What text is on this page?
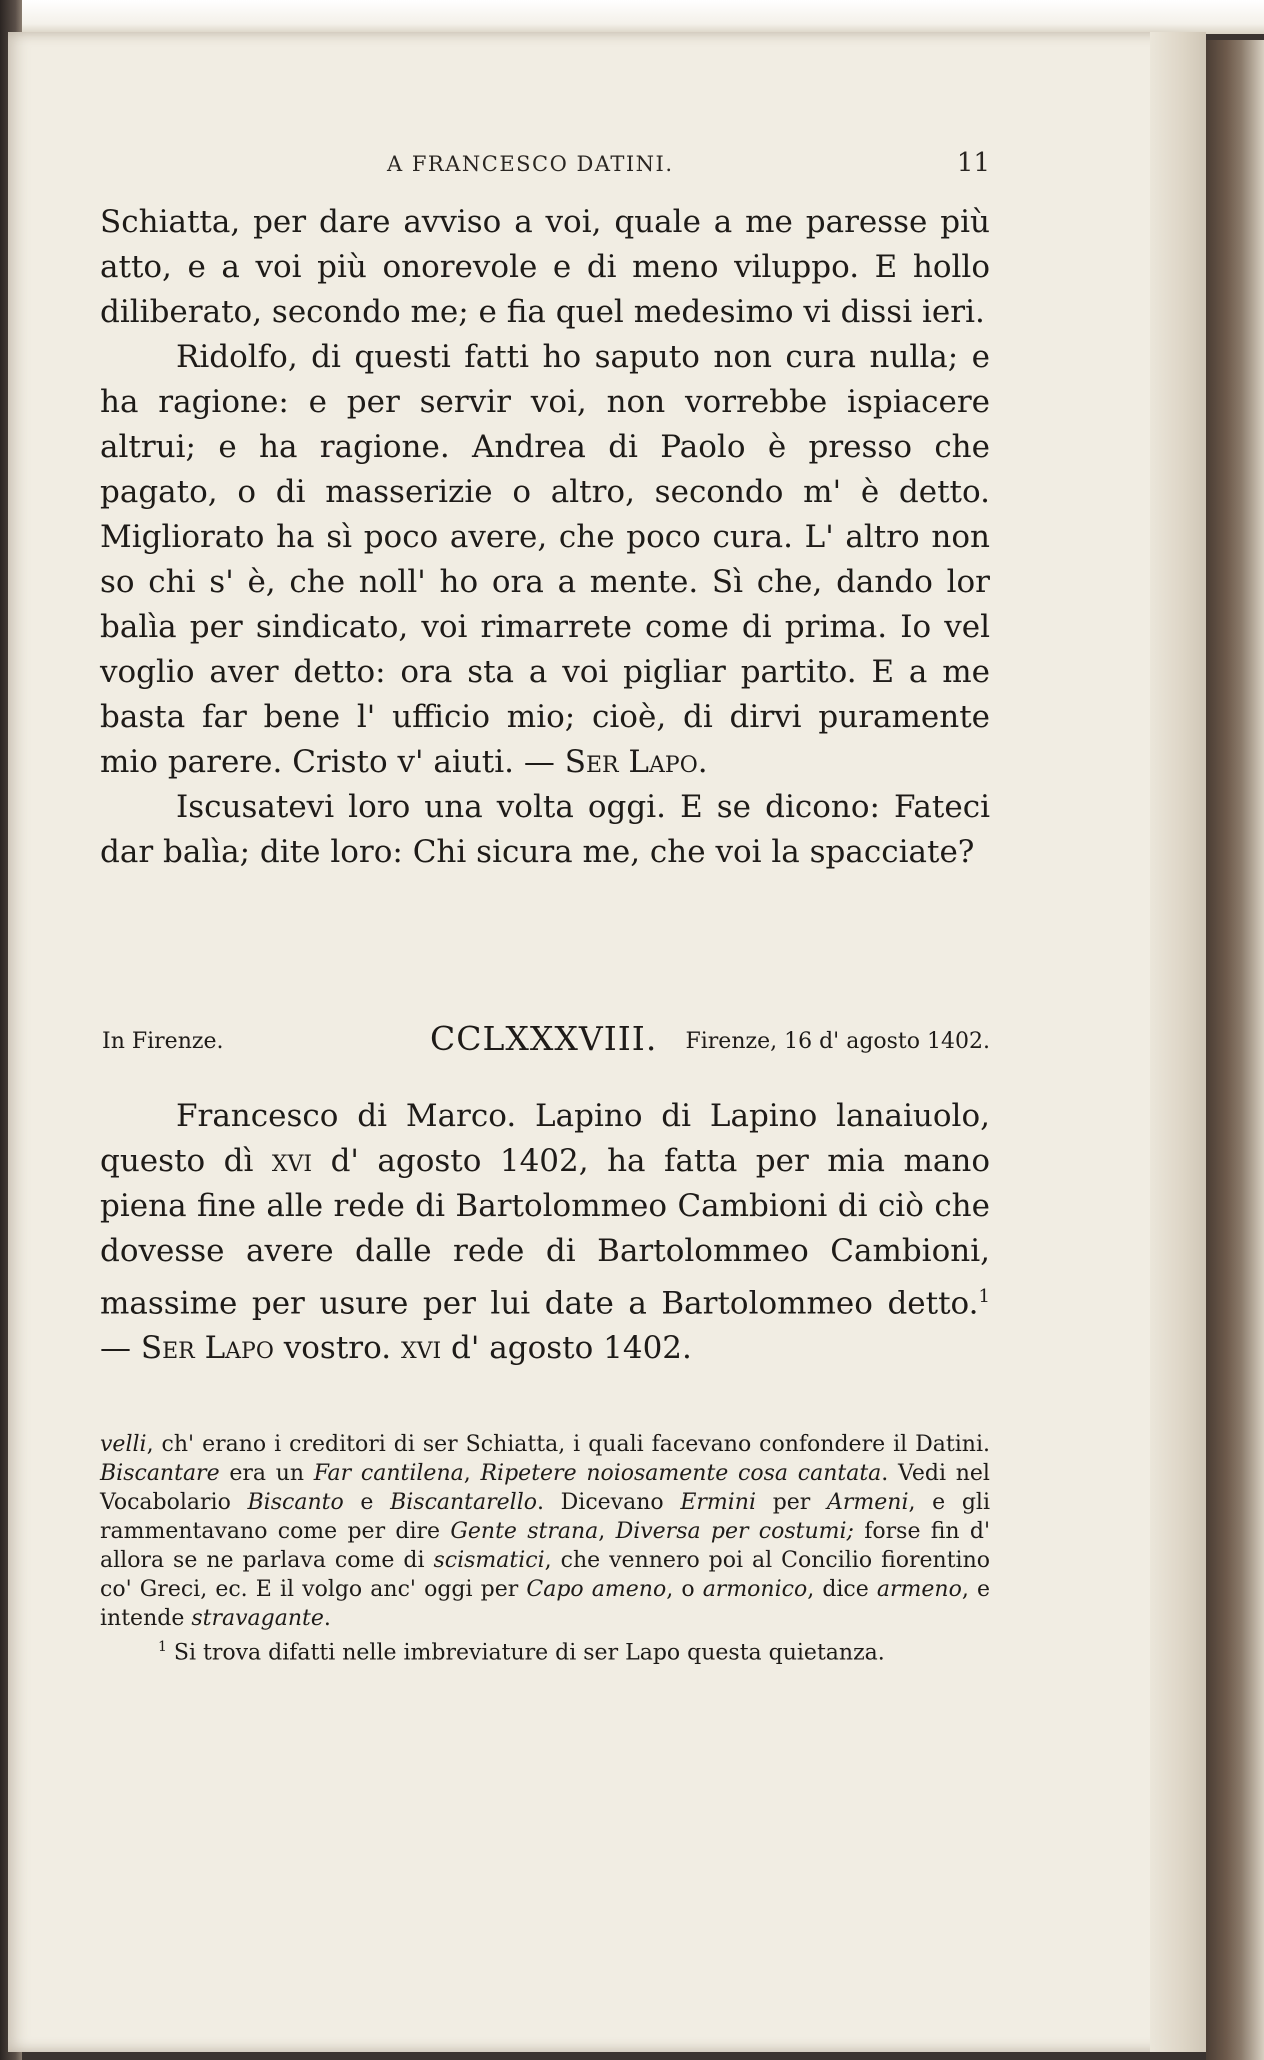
A FRANCESCO DATINI.	11

Schiatta, per dare avviso a voi, quale a me paresse più atto, e a voi più onorevole e di meno viluppo. E hollo diliberato, secondo me; e fia quel medesimo vi dissi ieri.

Ridolfo, di questi fatti ho saputo non cura nulla; e ha ragione: e per servir voi, non vorrebbe ispiacere altrui; e ha ragione. Andrea di Paolo è presso che pagato, o di masserizie o altro, secondo m' è detto. Migliorato ha sì poco avere, che poco cura. L' altro non so chi s' è, che noll' ho ora a mente. Sì che, dando lor balìa per sindicato, voi rimarrete come di prima. Io vel voglio aver detto: ora sta a voi pigliar partito. E a me basta far bene l' ufficio mio; cioè, di dirvi puramente mio parere. Cristo v' aiuti. — Ser Lapo.

Iscusatevi loro una volta oggi. E se dicono: Fateci dar balìa; dite loro: Chi sicura me, che voi la spacciate?

In Firenze.	CCLXXXVIII. Firenze, 16 d' agosto 1402.

Francesco di Marco. Lapino di Lapino lanaiuolo, questo dì xvi d' agosto 1402, ha fatta per mia mano piena fine alle rede di Bartolommeo Cambioni di ciò che dovesse avere dalle rede di Bartolommeo Cambioni, massime per usure per lui date a Bartolommeo detto.$^1$ — Ser Lapo vostro. xvi d' agosto 1402.

velli, ch' erano i creditori di ser Schiatta, i quali facevano confondere il Datini. Biscantare era un Far cantilena, Ripetere noiosamente cosa cantata. Vedi nel Vocabolario Biscanto e Biscantarello. Dicevano Ermini per Armeni, e gli rammentavano come per dire Gente strana, Diversa per costumi; forse fin d' allora se ne parlava come di scismatici, che vennero poi al Concilio fiorentino co' Greci, ec. E il volgo anc' oggi per Capo ameno, o armonico, dice armeno, e intende stravagante.

$^1$ Si trova difatti nelle imbreviature di ser Lapo questa quietanza.
